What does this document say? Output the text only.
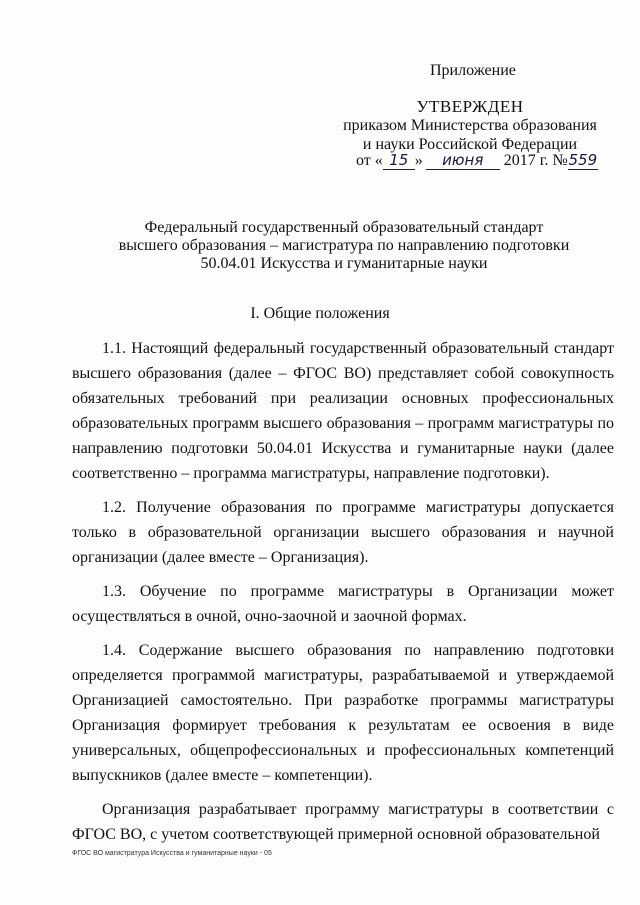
Приложение
УТВЕРЖДЕН
приказом Министерства образования
и науки Российской Федерации
от « 15 » июня 2017 г. №559
Федеральный государственный образовательный стандарт
высшего образования – магистратура по направлению подготовки
50.04.01 Искусства и гуманитарные науки
I. Общие положения

1.1. Настоящий федеральный государственный образовательный стандарт высшего образования (далее – ФГОС ВО) представляет собой совокупность обязательных требований при реализации основных профессиональных образовательных программ высшего образования – программ магистратуры по направлению подготовки 50.04.01 Искусства и гуманитарные науки (далее соответственно – программа магистратуры, направление подготовки).

1.2. Получение образования по программе магистратуры допускается только в образовательной организации высшего образования и научной организации (далее вместе – Организация).

1.3. Обучение по программе магистратуры в Организации может осуществляться в очной, очно-заочной и заочной формах.

1.4. Содержание высшего образования по направлению подготовки определяется программой магистратуры, разрабатываемой и утверждаемой Организацией самостоятельно. При разработке программы магистратуры Организация формирует требования к результатам ее освоения в виде универсальных, общепрофессиональных и профессиональных компетенций выпускников (далее вместе – компетенции).

Организация разрабатывает программу магистратуры в соответствии с ФГОС ВО, с учетом соответствующей примерной основной образовательной

ФГОС ВО магистратура Искусства и гуманитарные науки - 05
